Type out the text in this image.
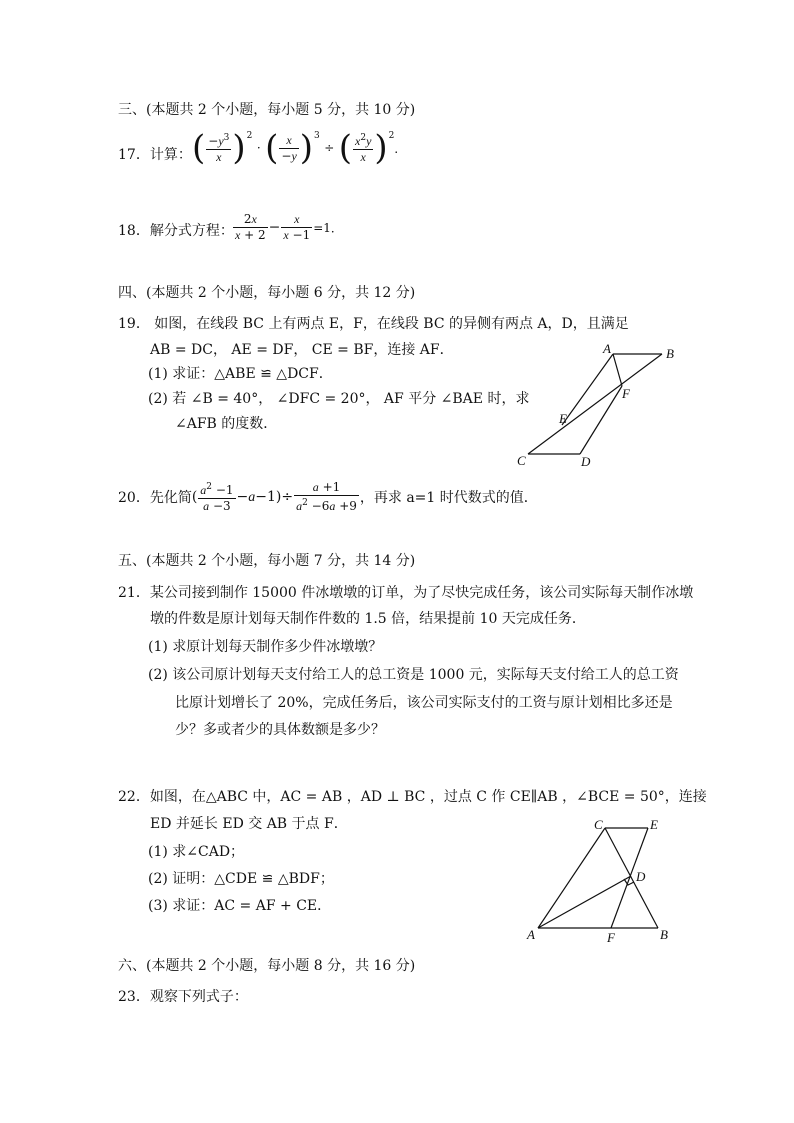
三、(本题共 2 个小题，每小题 5 分，共 10 分)
17．计算： ( $\frac{-y^3}{x} )^2$ · ( $\frac{x}{-y} )^3$ ÷ ( $\frac{x^2y}{x} )^2$．
18．解分式方程： $\frac{2x}{x + 2} - \frac{x}{x -1} =1$．
四、(本题共 2 个小题，每小题 6 分，共 12 分)
19． 如图，在线段 BC 上有两点 E，F，在线段 BC 的异侧有两点 A，D，且满足
AB = DC， AE = DF， CE = BF，连接 AF．
(1) 求证：△ABE ≌ △DCF．
(2) 若 ∠B = 40°， ∠DFC = 20°， AF 平分 ∠BAE 时，求
∠AFB 的度数．
A	B
C	D
E
F
20．先化简( $\frac{a^2 -1}{a -3} -a-1)\div \frac{a +1}{a^2 -6a +9}$ ，再求 a=1 时代数式的值．
五、(本题共 2 个小题，每小题 7 分，共 14 分)
21．某公司接到制作 15000 件冰墩墩的订单，为了尽快完成任务，该公司实际每天制作冰墩
墩的件数是原计划每天制作件数的 1.5 倍，结果提前 10 天完成任务．
(1) 求原计划每天制作多少件冰墩墩？
(2) 该公司原计划每天支付给工人的总工资是 1000 元，实际每天支付给工人的总工资
比原计划增长了 20%，完成任务后，该公司实际支付的工资与原计划相比多还是
少？多或者少的具体数额是多少？
22．如图，在△ABC 中，AC = AB ，AD ⊥ BC ，过点 C 作 CE∥AB ，∠BCE = 50°，连接
ED 并延长 ED 交 AB 于点 F．
(1) 求∠CAD；
(2) 证明：△CDE ≌ △BDF；
(3) 求证：AC = AF + CE．
C	E
D
A	F	B
六、(本题共 2 个小题，每小题 8 分，共 16 分)
23．观察下列式子：
